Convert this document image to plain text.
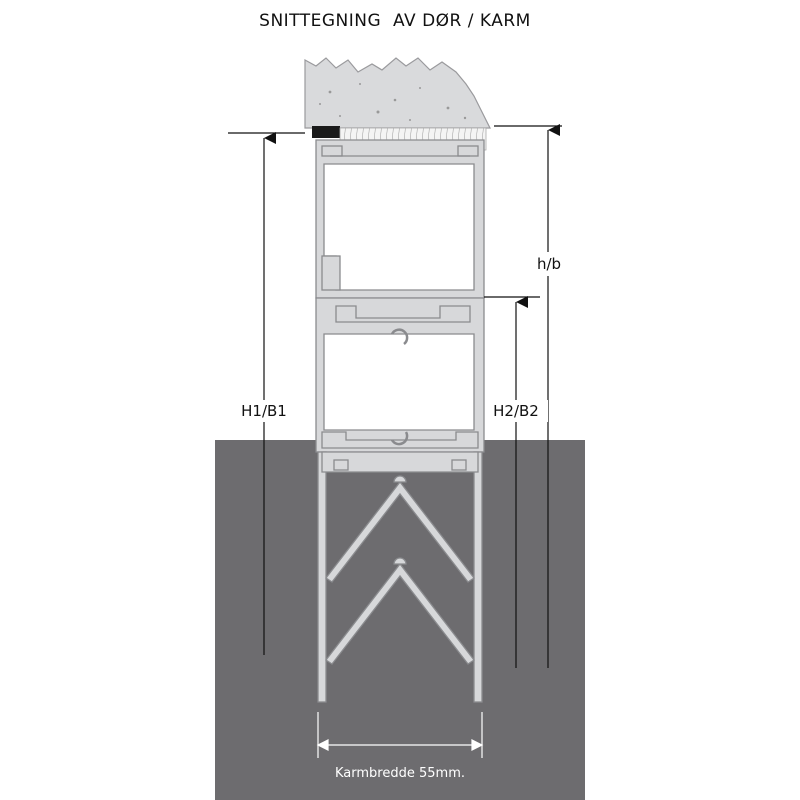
SNITTEGNING  AV DØR / KARM
H1/B1
h/b
H2/B2
Karmbredde 55mm.
